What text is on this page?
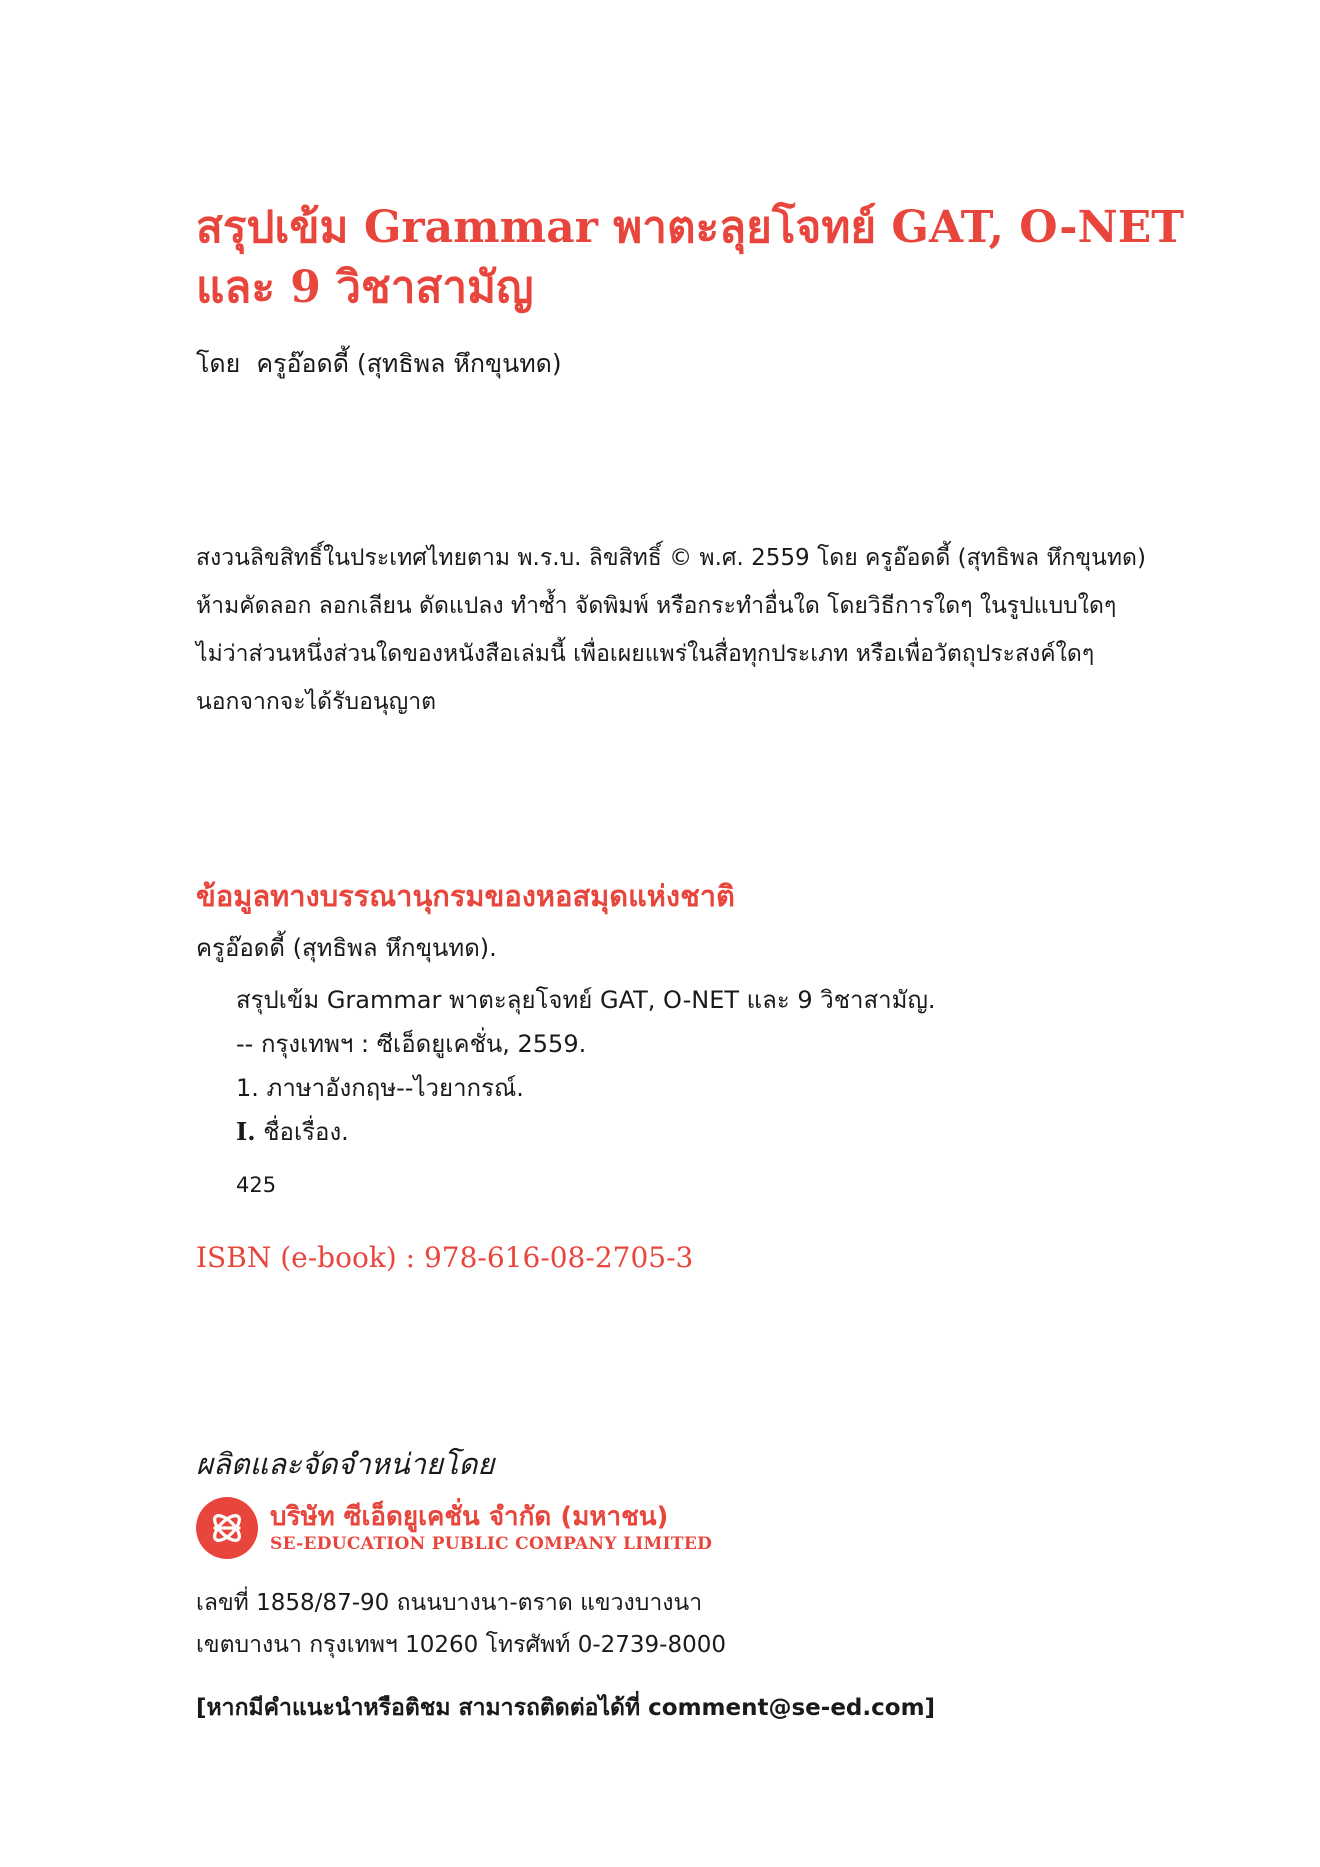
สรุปเข้ม Grammar พาตะลุยโจทย์ GAT, O-NET
และ 9 วิชาสามัญ
โดย ครูอ๊อดดี้ (สุทธิพล หึกขุนทด)
สงวนลิขสิทธิ์ในประเทศไทยตาม พ.ร.บ. ลิขสิทธิ์ © พ.ศ. 2559 โดย ครูอ๊อดดี้ (สุทธิพล หึกขุนทด)
ห้ามคัดลอก ลอกเลียน ดัดแปลง ทำซ้ำ จัดพิมพ์ หรือกระทำอื่นใด โดยวิธีการใดๆ ในรูปแบบใดๆ
ไม่ว่าส่วนหนึ่งส่วนใดของหนังสือเล่มนี้ เพื่อเผยแพร่ในสื่อทุกประเภท หรือเพื่อวัตถุประสงค์ใดๆ
นอกจากจะได้รับอนุญาต
ข้อมูลทางบรรณานุกรมของหอสมุดแห่งชาติ
ครูอ๊อดดี้ (สุทธิพล หึกขุนทด).
สรุปเข้ม Grammar พาตะลุยโจทย์ GAT, O-NET และ 9 วิชาสามัญ.
-- กรุงเทพฯ : ซีเอ็ดยูเคชั่น, 2559.
1. ภาษาอังกฤษ--ไวยากรณ์.
I. ชื่อเรื่อง.
425
ISBN (e-book) : 978-616-08-2705-3
ผลิตและจัดจำหน่ายโดย
บริษัท ซีเอ็ดยูเคชั่น จำกัด (มหาชน)
SE-EDUCATION PUBLIC COMPANY LIMITED
เลขที่ 1858/87-90 ถนนบางนา-ตราด แขวงบางนา
เขตบางนา กรุงเทพฯ 10260 โทรศัพท์ 0-2739-8000
[หากมีคำแนะนำหรือติชม สามารถติดต่อได้ที่ comment@se-ed.com]
